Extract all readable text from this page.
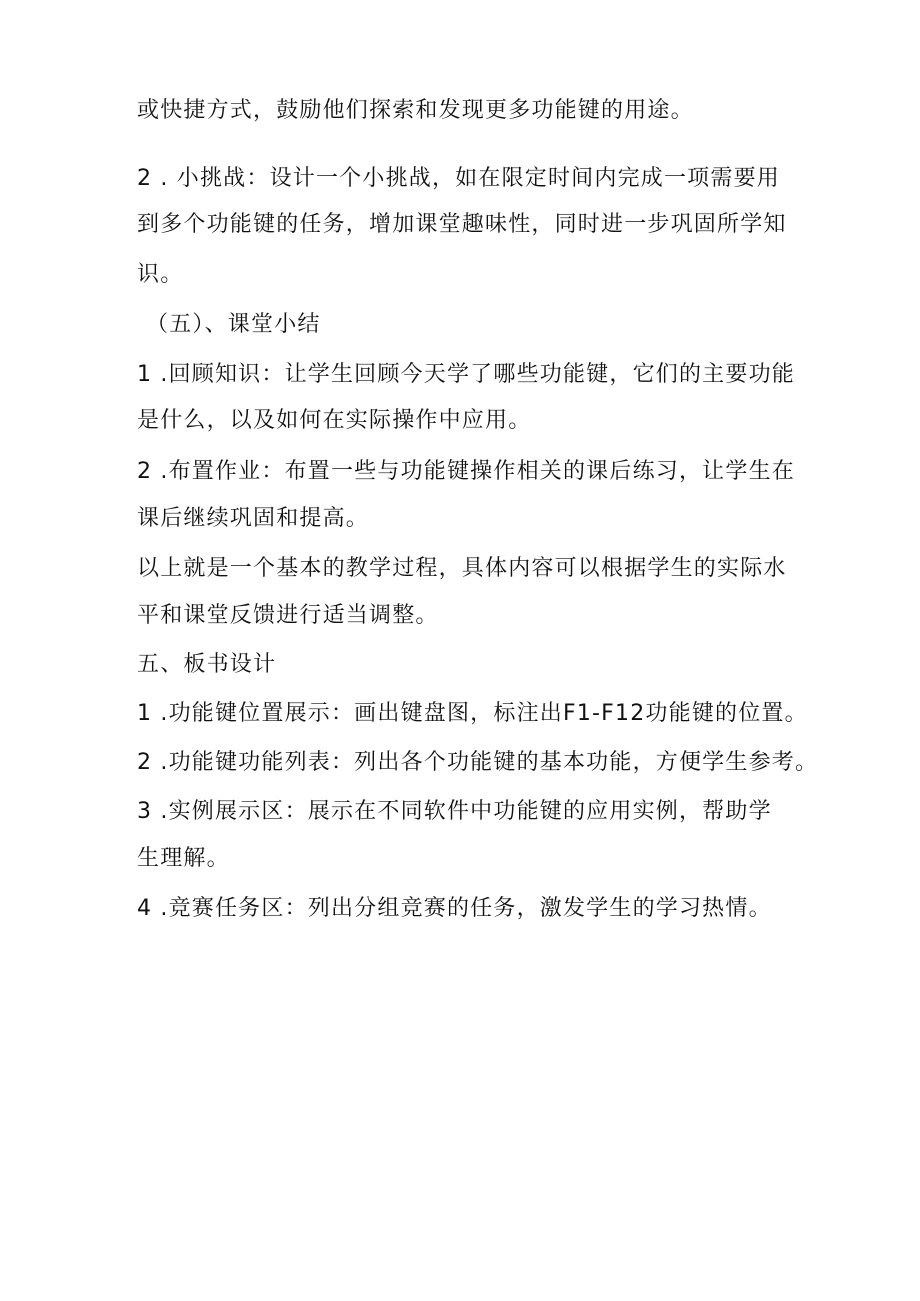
或快捷方式，鼓励他们探索和发现更多功能键的用途。
2 . 小挑战：设计一个小挑战，如在限定时间内完成一项需要用
到多个功能键的任务，增加课堂趣味性，同时进一步巩固所学知
识。
（五）、课堂小结
1 .回顾知识：让学生回顾今天学了哪些功能键，它们的主要功能
是什么，以及如何在实际操作中应用。
2 .布置作业：布置一些与功能键操作相关的课后练习，让学生在
课后继续巩固和提高。
以上就是一个基本的教学过程，具体内容可以根据学生的实际水
平和课堂反馈进行适当调整。
五、板书设计
1 .功能键位置展示：画出键盘图，标注出F1-F12功能键的位置。
2 .功能键功能列表：列出各个功能键的基本功能，方便学生参考。
3 .实例展示区：展示在不同软件中功能键的应用实例，帮助学
生理解。
4 .竞赛任务区：列出分组竞赛的任务，激发学生的学习热情。
